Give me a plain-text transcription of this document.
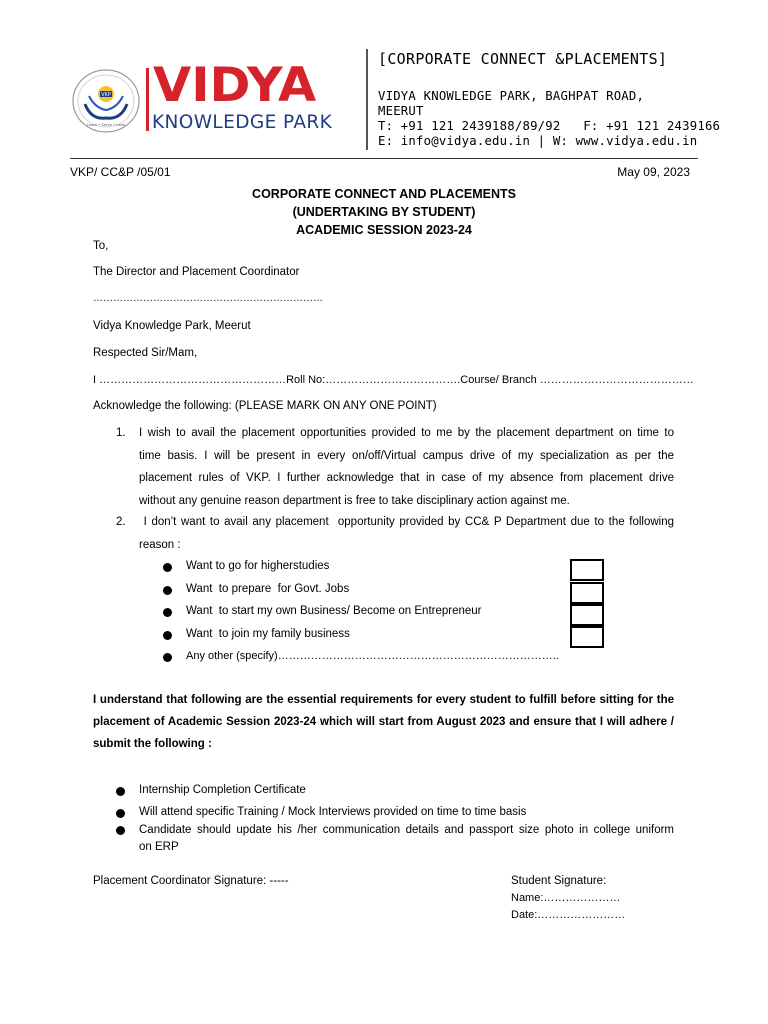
VKP
Learn • Serve • Lead
VIDYA
KNOWLEDGE PARK
[CORPORATE CONNECT &PLACEMENTS]
VIDYA KNOWLEDGE PARK, BAGHPAT ROAD, MEERUT
T: +91 121 2439188/89/92   F: +91 121 2439166
E: info@vidya.edu.in | W: www.vidya.edu.in
VKP/ CC&P /05/01	May 09, 2023
CORPORATE CONNECT AND PLACEMENTS
(UNDERTAKING BY STUDENT)
ACADEMIC SESSION 2023-24
To,
The Director and Placement Coordinator
……………………………………………………………
Vidya Knowledge Park, Meerut
Respected Sir/Mam,
I ……………………………………………Roll No:……………………………….Course/ Branch ……………………………………
Acknowledge the following: (PLEASE MARK ON ANY ONE POINT)
1. I wish to avail the placement opportunities provided to me by the placement department on time to
time basis. I will be present in every on/off/Virtual campus drive of my specialization as per the
placement rules of VKP. I further acknowledge that in case of my absence from placement drive
without any genuine reason department is free to take disciplinary action against me.
2. I don’t want to avail any placement  opportunity provided by CC& P Department due to the following
reason :
Want to go for higherstudies
Want  to prepare  for Govt. Jobs
Want  to start my own Business/ Become on Entrepreneur
Want  to join my family business
Any other (specify)…………………………………………………………………..
I understand that following are the essential requirements for every student to fulfill before sitting for the
placement of Academic Session 2023-24 which will start from August 2023 and ensure that I will adhere /
submit the following :
Internship Completion Certificate
Will attend specific Training / Mock Interviews provided on time to time basis
Candidate should update his /her communication details and passport size photo in college uniform
on ERP
Placement Coordinator Signature: -----	Student Signature:
Name:…………………
Date:……………………
